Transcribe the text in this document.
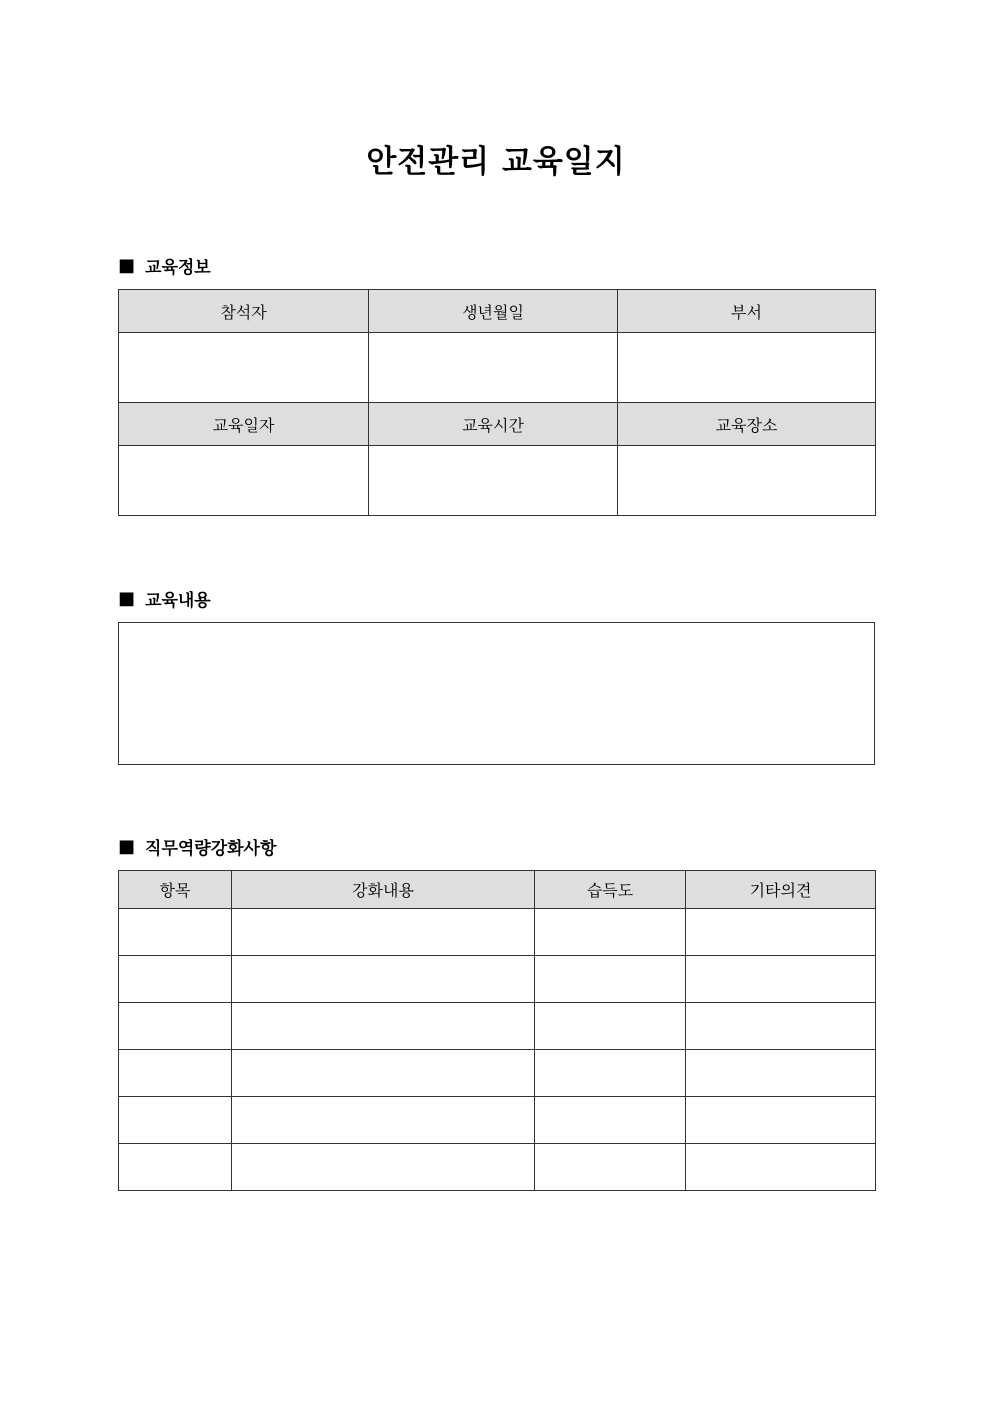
안전관리 교육일지
■ 교육정보
참석자	생년월일	부서

교육일자	교육시간	교육장소

■ 교육내용
■ 직무역량강화사항
항목	강화내용	습득도	기타의견
